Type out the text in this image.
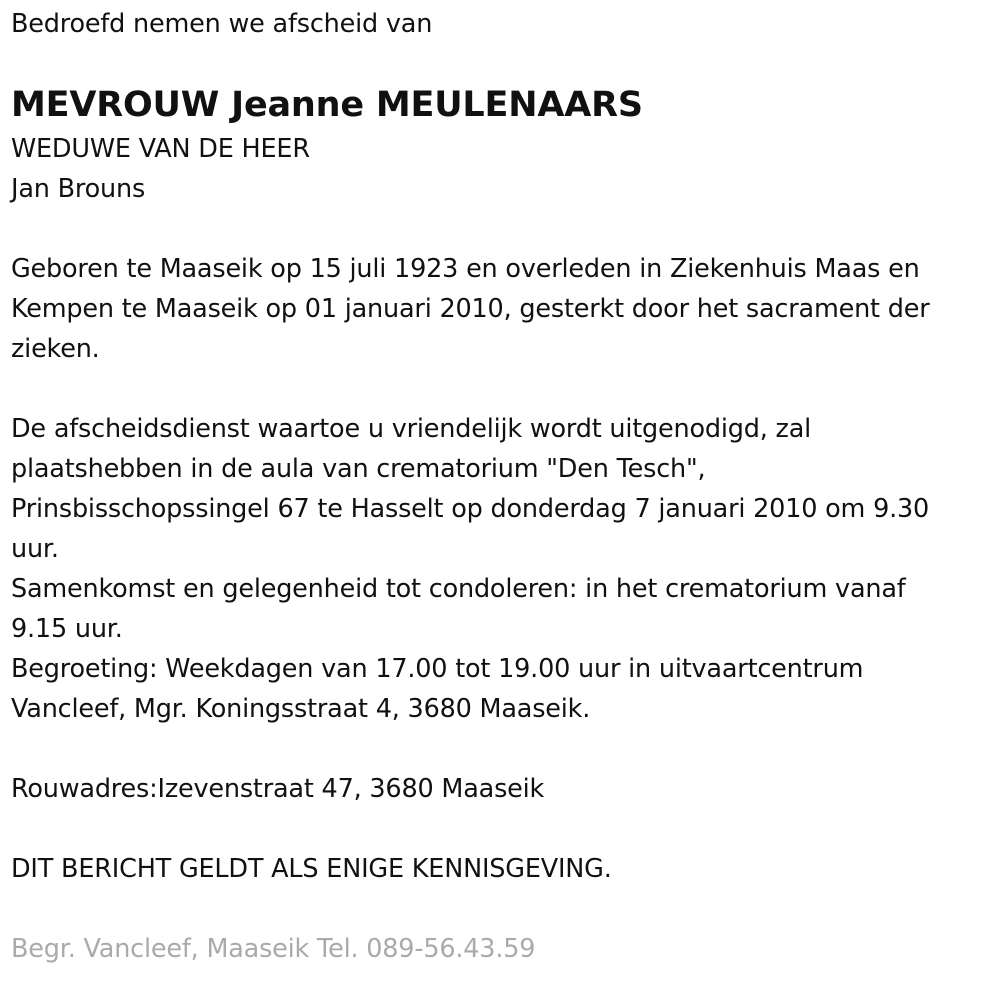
Bedroefd nemen we afscheid van
MEVROUW Jeanne MEULENAARS
WEDUWE VAN DE HEER
Jan Brouns
Geboren te Maaseik op 15 juli 1923 en overleden in Ziekenhuis Maas en
Kempen te Maaseik op 01 januari 2010, gesterkt door het sacrament der
zieken.
De afscheidsdienst waartoe u vriendelijk wordt uitgenodigd, zal
plaatshebben in de aula van crematorium "Den Tesch",
Prinsbisschopssingel 67 te Hasselt op donderdag 7 januari 2010 om 9.30
uur.
Samenkomst en gelegenheid tot condoleren: in het crematorium vanaf
9.15 uur.
Begroeting: Weekdagen van 17.00 tot 19.00 uur in uitvaartcentrum
Vancleef, Mgr. Koningsstraat 4, 3680 Maaseik.
Rouwadres:Izevenstraat 47, 3680 Maaseik
DIT BERICHT GELDT ALS ENIGE KENNISGEVING.
Begr. Vancleef, Maaseik Tel. 089-56.43.59
